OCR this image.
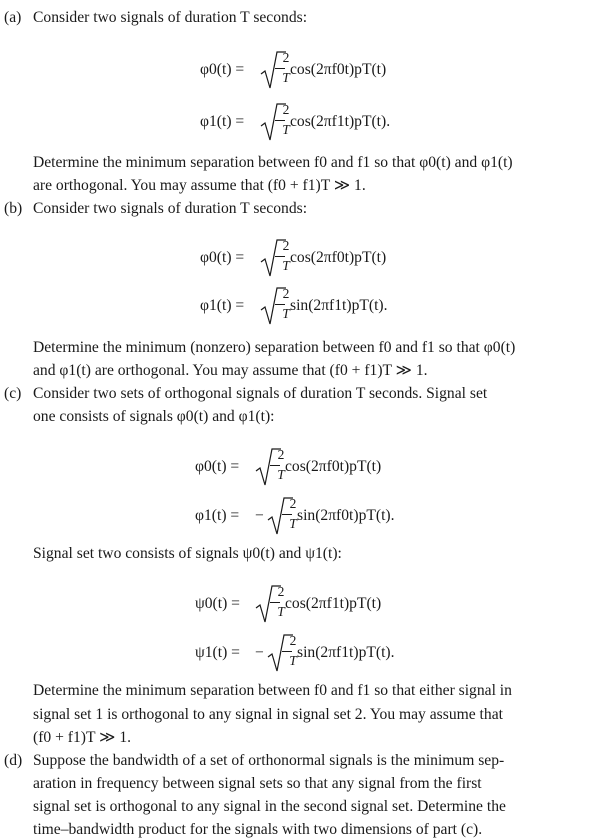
(a) Consider two signals of duration T seconds:
φ0(t) =
2
T cos(2πf0t)pT(t)
φ1(t) =
2
T cos(2πf1t)pT(t).
Determine the minimum separation between f0 and f1 so that φ0(t) and φ1(t)
are orthogonal. You may assume that (f0 + f1)T ≫ 1.
(b) Consider two signals of duration T seconds:
φ0(t) =
2
T cos(2πf0t)pT(t)
φ1(t) =
2
T sin(2πf1t)pT(t).
Determine the minimum (nonzero) separation between f0 and f1 so that φ0(t)
and φ1(t) are orthogonal. You may assume that (f0 + f1)T ≫ 1.
(c) Consider two sets of orthogonal signals of duration T seconds. Signal set
one consists of signals φ0(t) and φ1(t):
φ0(t) =
2
T cos(2πf0t)pT(t)
φ1(t) = −
2
T sin(2πf0t)pT(t).
Signal set two consists of signals ψ0(t) and ψ1(t):
ψ0(t) =
2
T cos(2πf1t)pT(t)
ψ1(t) = −
2
T sin(2πf1t)pT(t).
Determine the minimum separation between f0 and f1 so that either signal in
signal set 1 is orthogonal to any signal in signal set 2. You may assume that
(f0 + f1)T ≫ 1.
(d) Suppose the bandwidth of a set of orthonormal signals is the minimum sep-
aration in frequency between signal sets so that any signal from the first
signal set is orthogonal to any signal in the second signal set. Determine the
time–bandwidth product for the signals with two dimensions of part (c).
